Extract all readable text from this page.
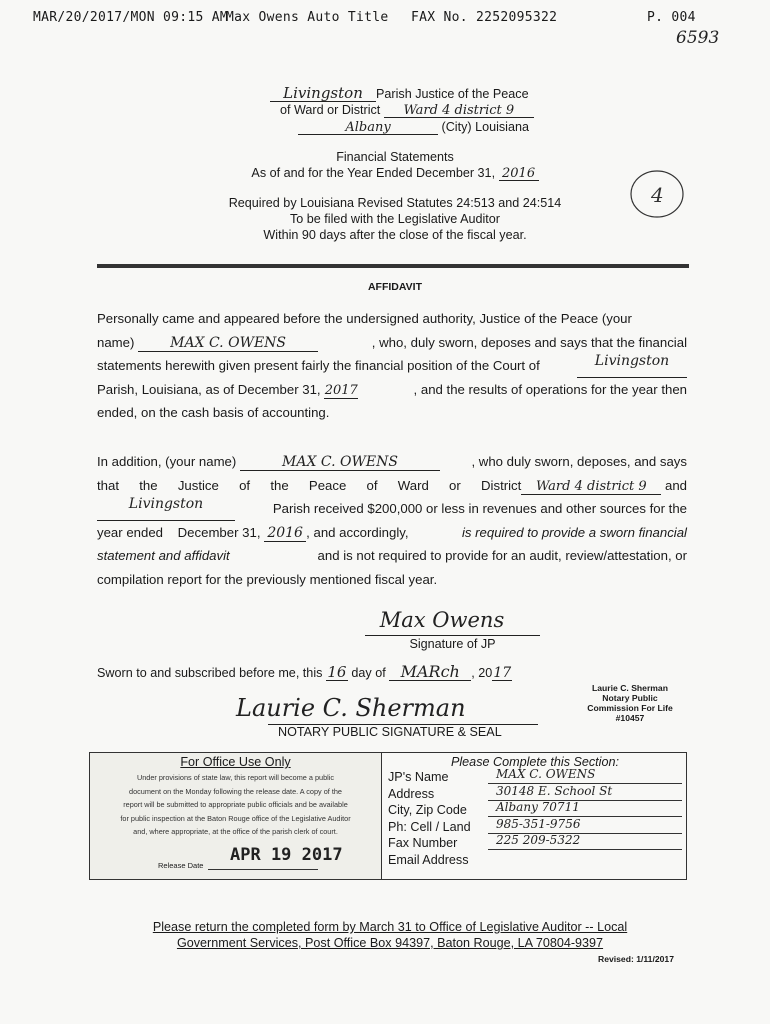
MAR/20/2017/MON 09:15 AM
Max Owens Auto Title FAX No. 2252095322	P. 004
6593
Livingston Parish Justice of the Peace
of Ward or District Ward 4 district 9
Albany	(City) Louisiana
Financial Statements
As of and for the Year Ended December 31, 2016
Required by Louisiana Revised Statutes 24:513 and 24:514
To be filed with the Legislative Auditor
Within 90 days after the close of the fiscal year.
4
AFFIDAVIT
Personally came and appeared before the undersigned authority, Justice of the Peace (your
name)	MAX C. OWENS	, who, duly sworn, deposes and says that the financial
statements herewith given present fairly the financial position of the Court of	Livingston
Parish, Louisiana, as of December 31, 2017	, and the results of operations for the year then
ended, on the cash basis of accounting.
In addition, (your name)	MAX C. OWENS	, who duly sworn, deposes, and says
that the Justice of the Peace of Ward or District Ward 4 district 9 and
Livingston	Parish received $200,000 or less in revenues and other sources for the
year ended December 31, 2016 , and accordingly,	is required to provide a sworn financial
statement and affidavit	and is not required to provide for an audit, review/attestation, or
compilation report for the previously mentioned fiscal year.
Max Owens
Signature of JP
Sworn to and subscribed before me, this 16 day of MARch , 2017
Laurie C. Sherman
NOTARY PUBLIC SIGNATURE & SEAL
Laurie C. Sherman
Notary Public
Commission For Life
#10457
For Office Use Only
Under provisions of state law, this report will become a public
document on the Monday following the release date. A copy of the
report will be submitted to appropriate public officials and be available
for public inspection at the Baton Rouge office of the Legislative Auditor
and, where appropriate, at the office of the parish clerk of court.
APR 19 2017
Release Date
Please Complete this Section:
JP's Name	MAX C. OWENS
Address	30148 E. School St
City, Zip Code	Albany 70711
Ph: Cell / Land	985-351-9756
Fax Number	225 209-5322
Email Address
Please return the completed form by March 31 to Office of Legislative Auditor -- Local
Government Services, Post Office Box 94397, Baton Rouge, LA 70804-9397
Revised: 1/11/2017
